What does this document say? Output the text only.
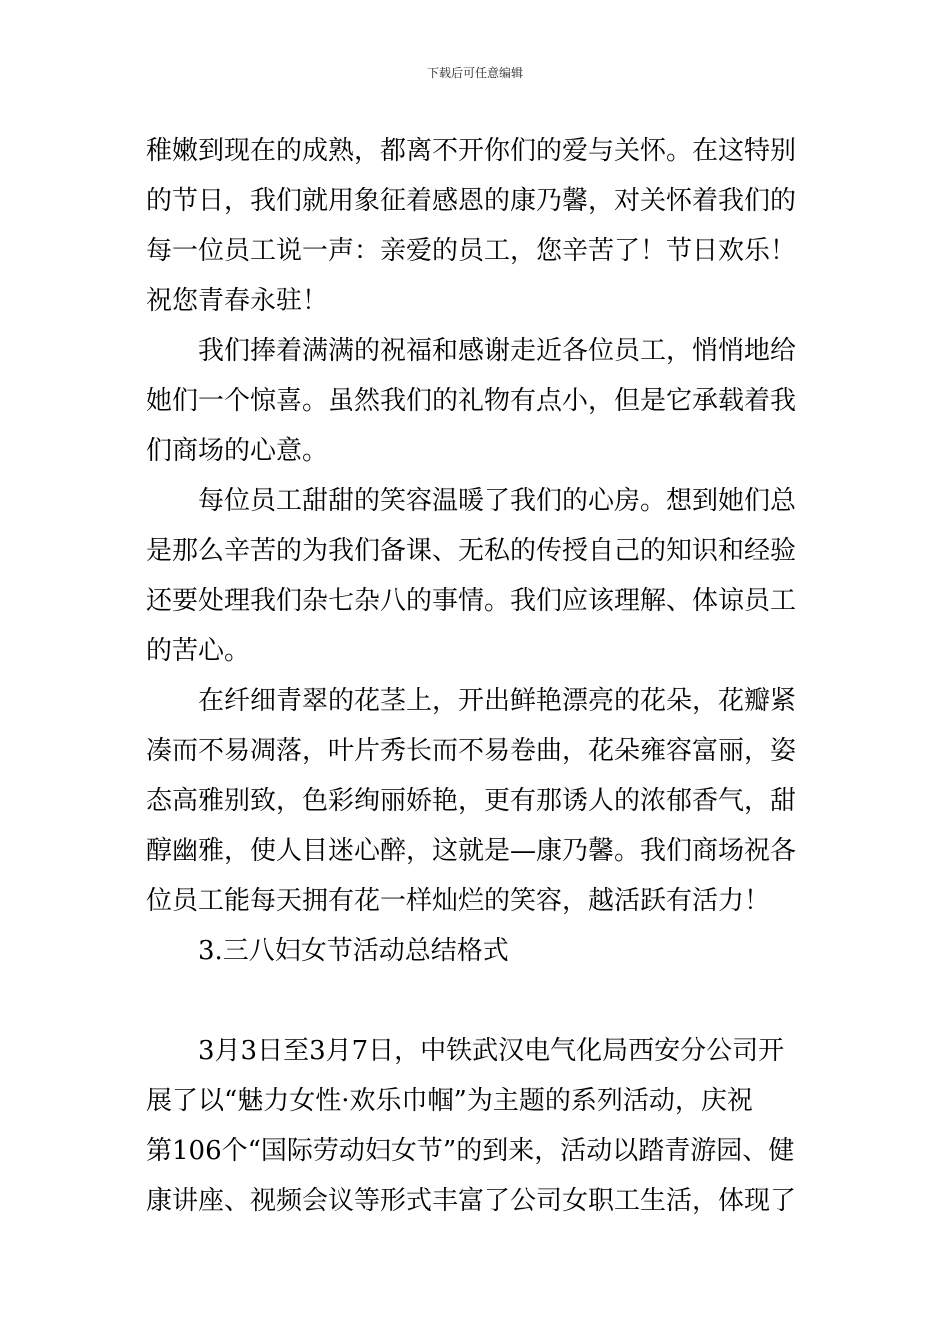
下载后可任意编辑
稚嫩到现在的成熟，都离不开你们的爱与关怀。在这特别
的节日，我们就用象征着感恩的康乃馨，对关怀着我们的
每一位员工说一声：亲爱的员工，您辛苦了！节日欢乐！
祝您青春永驻！
我们捧着满满的祝福和感谢走近各位员工，悄悄地给
她们一个惊喜。虽然我们的礼物有点小，但是它承载着我
们商场的心意。
每位员工甜甜的笑容温暖了我们的心房。想到她们总
是那么辛苦的为我们备课、无私的传授自己的知识和经验
还要处理我们杂七杂八的事情。我们应该理解、体谅员工
的苦心。
在纤细青翠的花茎上，开出鲜艳漂亮的花朵，花瓣紧
凑而不易凋落，叶片秀长而不易卷曲，花朵雍容富丽，姿
态高雅别致，色彩绚丽娇艳，更有那诱人的浓郁香气，甜
醇幽雅，使人目迷心醉，这就是—康乃馨。我们商场祝各
位员工能每天拥有花一样灿烂的笑容，越活跃有活力！
3.三八妇女节活动总结格式
3月3日至3月7日，中铁武汉电气化局西安分公司开
展了以“魅力女性·欢乐巾帼”为主题的系列活动，庆祝
第106个“国际劳动妇女节”的到来，活动以踏青游园、健
康讲座、视频会议等形式丰富了公司女职工生活，体现了
